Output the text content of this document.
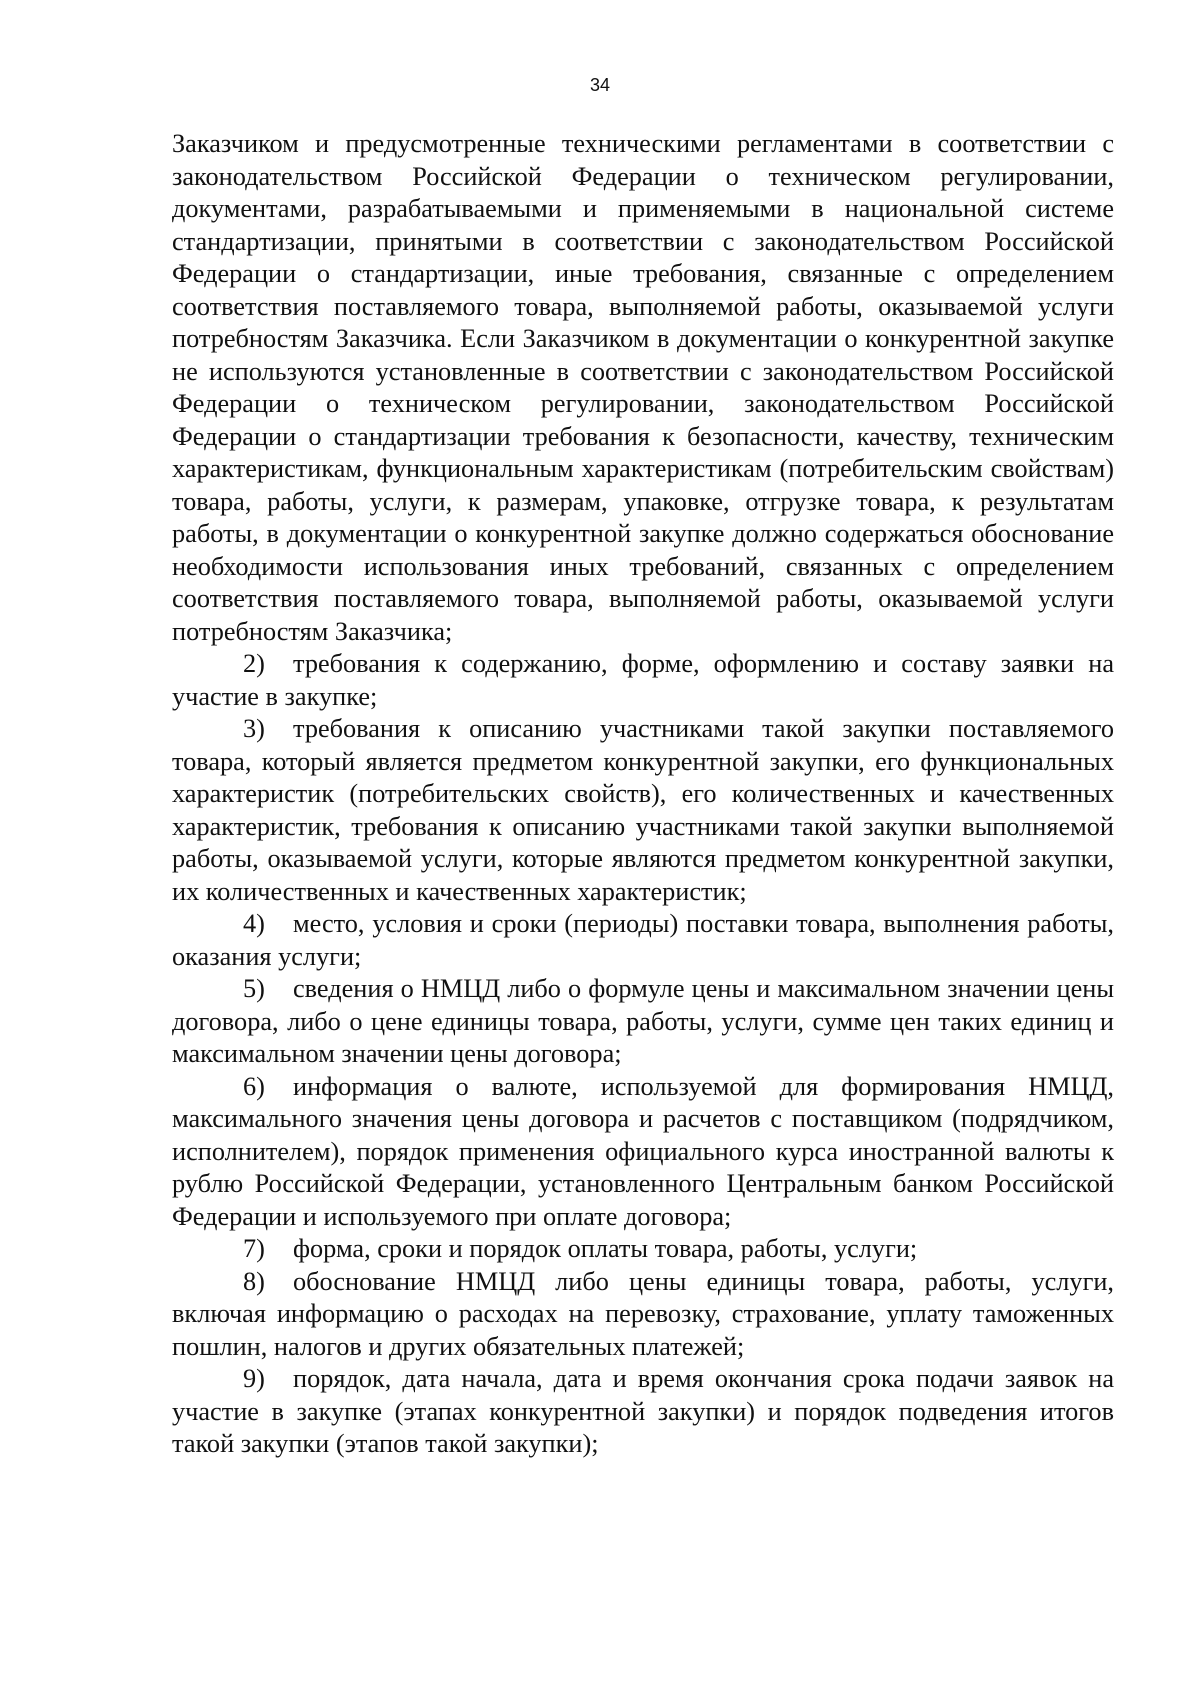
34

Заказчиком и предусмотренные техническими регламентами в соответствии с законодательством Российской Федерации о техническом регулировании, документами, разрабатываемыми и применяемыми в национальной системе стандартизации, принятыми в соответствии с законодательством Российской Федерации о стандартизации, иные требования, связанные с определением соответствия поставляемого товара, выполняемой работы, оказываемой услуги потребностям Заказчика. Если Заказчиком в документации о конкурентной закупке не используются установленные в соответствии с законодательством Российской Федерации о техническом регулировании, законодательством Российской Федерации о стандартизации требования к безопасности, качеству, техническим характеристикам, функциональным характеристикам (потребительским свойствам) товара, работы, услуги, к размерам, упаковке, отгрузке товара, к результатам работы, в документации о конкурентной закупке должно содержаться обоснование необходимости использования иных требований, связанных с определением соответствия поставляемого товара, выполняемой работы, оказываемой услуги потребностям Заказчика;

2) требования к содержанию, форме, оформлению и составу заявки на участие в закупке;

3) требования к описанию участниками такой закупки поставляемого товара, который является предметом конкурентной закупки, его функциональных характеристик (потребительских свойств), его количественных и качественных характеристик, требования к описанию участниками такой закупки выполняемой работы, оказываемой услуги, которые являются предметом конкурентной закупки, их количественных и качественных характеристик;

4) место, условия и сроки (периоды) поставки товара, выполнения работы, оказания услуги;

5) сведения о НМЦД либо о формуле цены и максимальном значении цены договора, либо о цене единицы товара, работы, услуги, сумме цен таких единиц и максимальном значении цены договора;

6) информация о валюте, используемой для формирования НМЦД, максимального значения цены договора и расчетов с поставщиком (подрядчиком, исполнителем), порядок применения официального курса иностранной валюты к рублю Российской Федерации, установленного Центральным банком Российской Федерации и используемого при оплате договора;

7) форма, сроки и порядок оплаты товара, работы, услуги;

8) обоснование НМЦД либо цены единицы товара, работы, услуги, включая информацию о расходах на перевозку, страхование, уплату таможенных пошлин, налогов и других обязательных платежей;

9) порядок, дата начала, дата и время окончания срока подачи заявок на участие в закупке (этапах конкурентной закупки) и порядок подведения итогов такой закупки (этапов такой закупки);
